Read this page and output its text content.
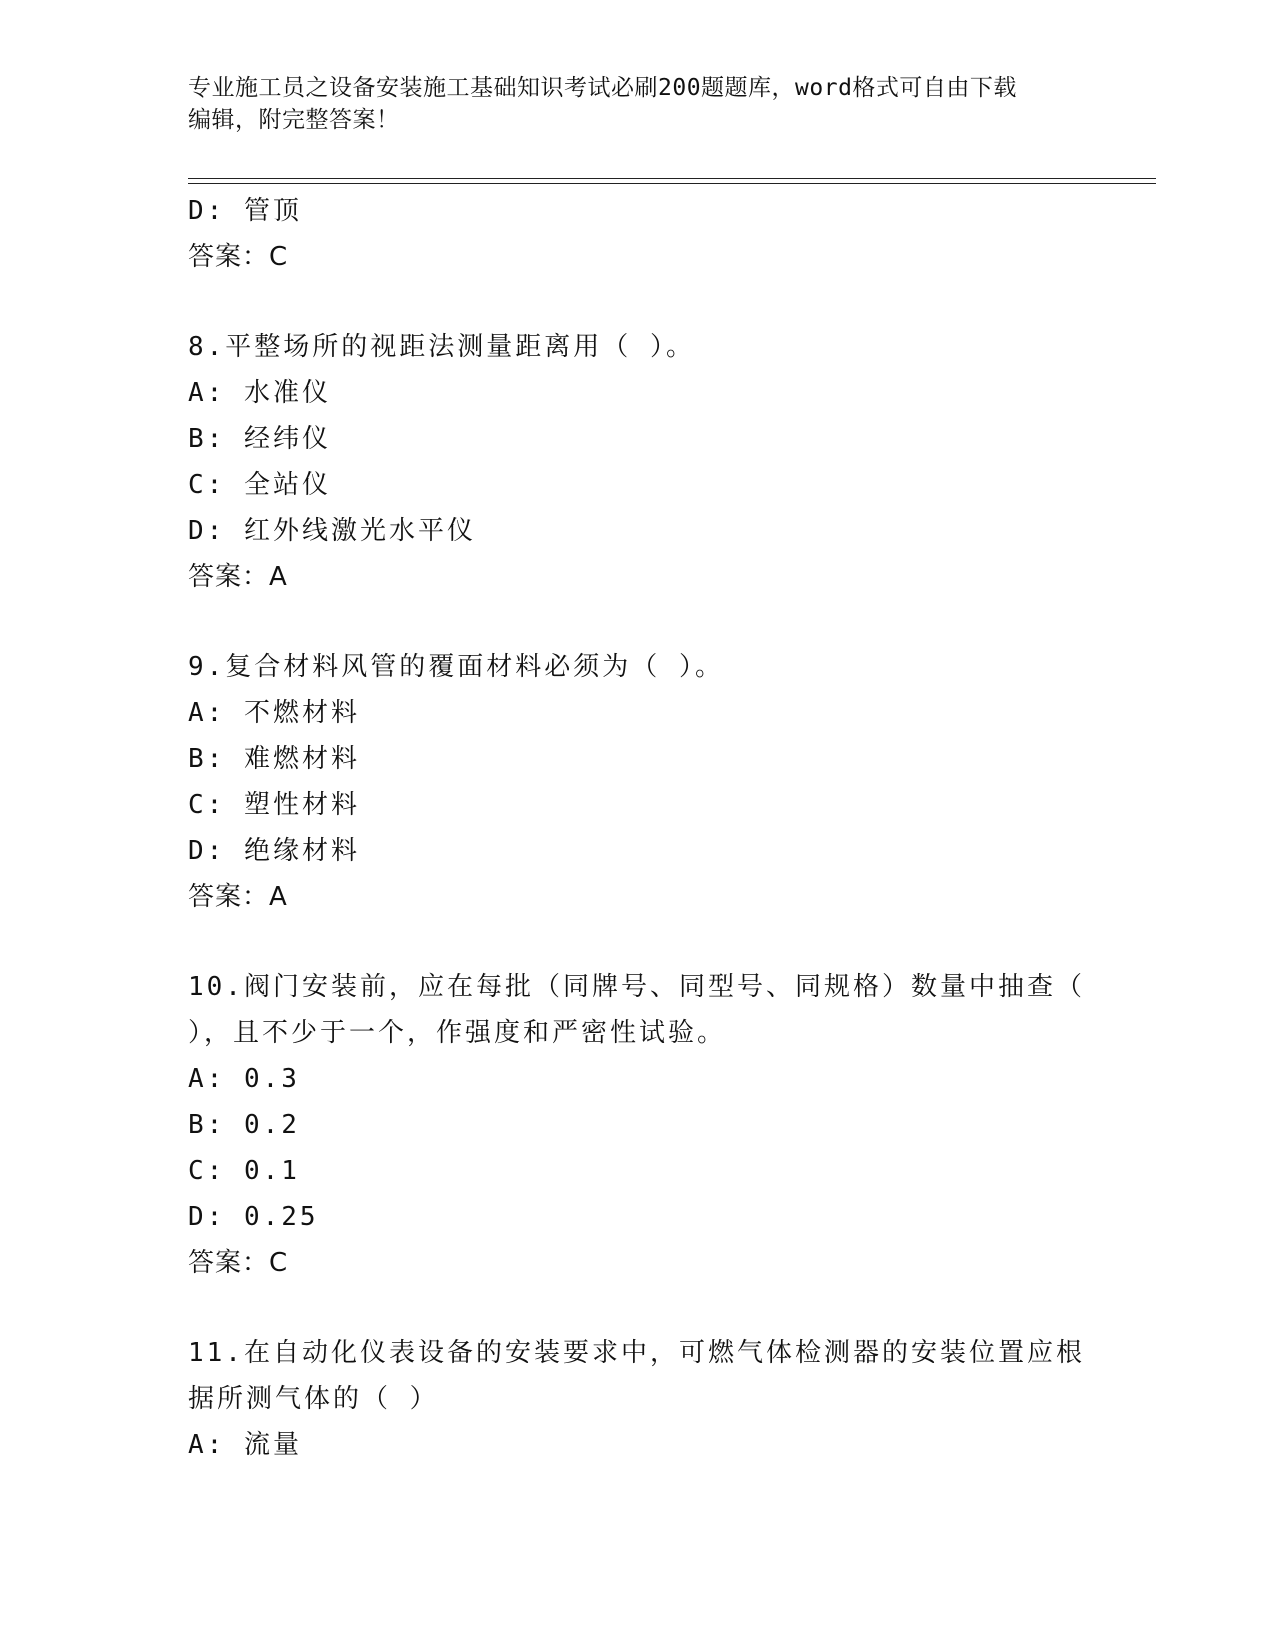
专业施工员之设备安装施工基础知识考试必刷200题题库，word格式可自由下载
编辑，附完整答案！
D: 管顶
答案：C
8.平整场所的视距法测量距离用（ ）。
A: 水准仪
B: 经纬仪
C: 全站仪
D: 红外线激光水平仪
答案：A
9.复合材料风管的覆面材料必须为（ ）。
A: 不燃材料
B: 难燃材料
C: 塑性材料
D: 绝缘材料
答案：A
10.阀门安装前，应在每批（同牌号、同型号、同规格）数量中抽查（
），且不少于一个，作强度和严密性试验。
A: 0.3
B: 0.2
C: 0.1
D: 0.25
答案：C
11.在自动化仪表设备的安装要求中，可燃气体检测器的安装位置应根
据所测气体的（ ）
A: 流量
